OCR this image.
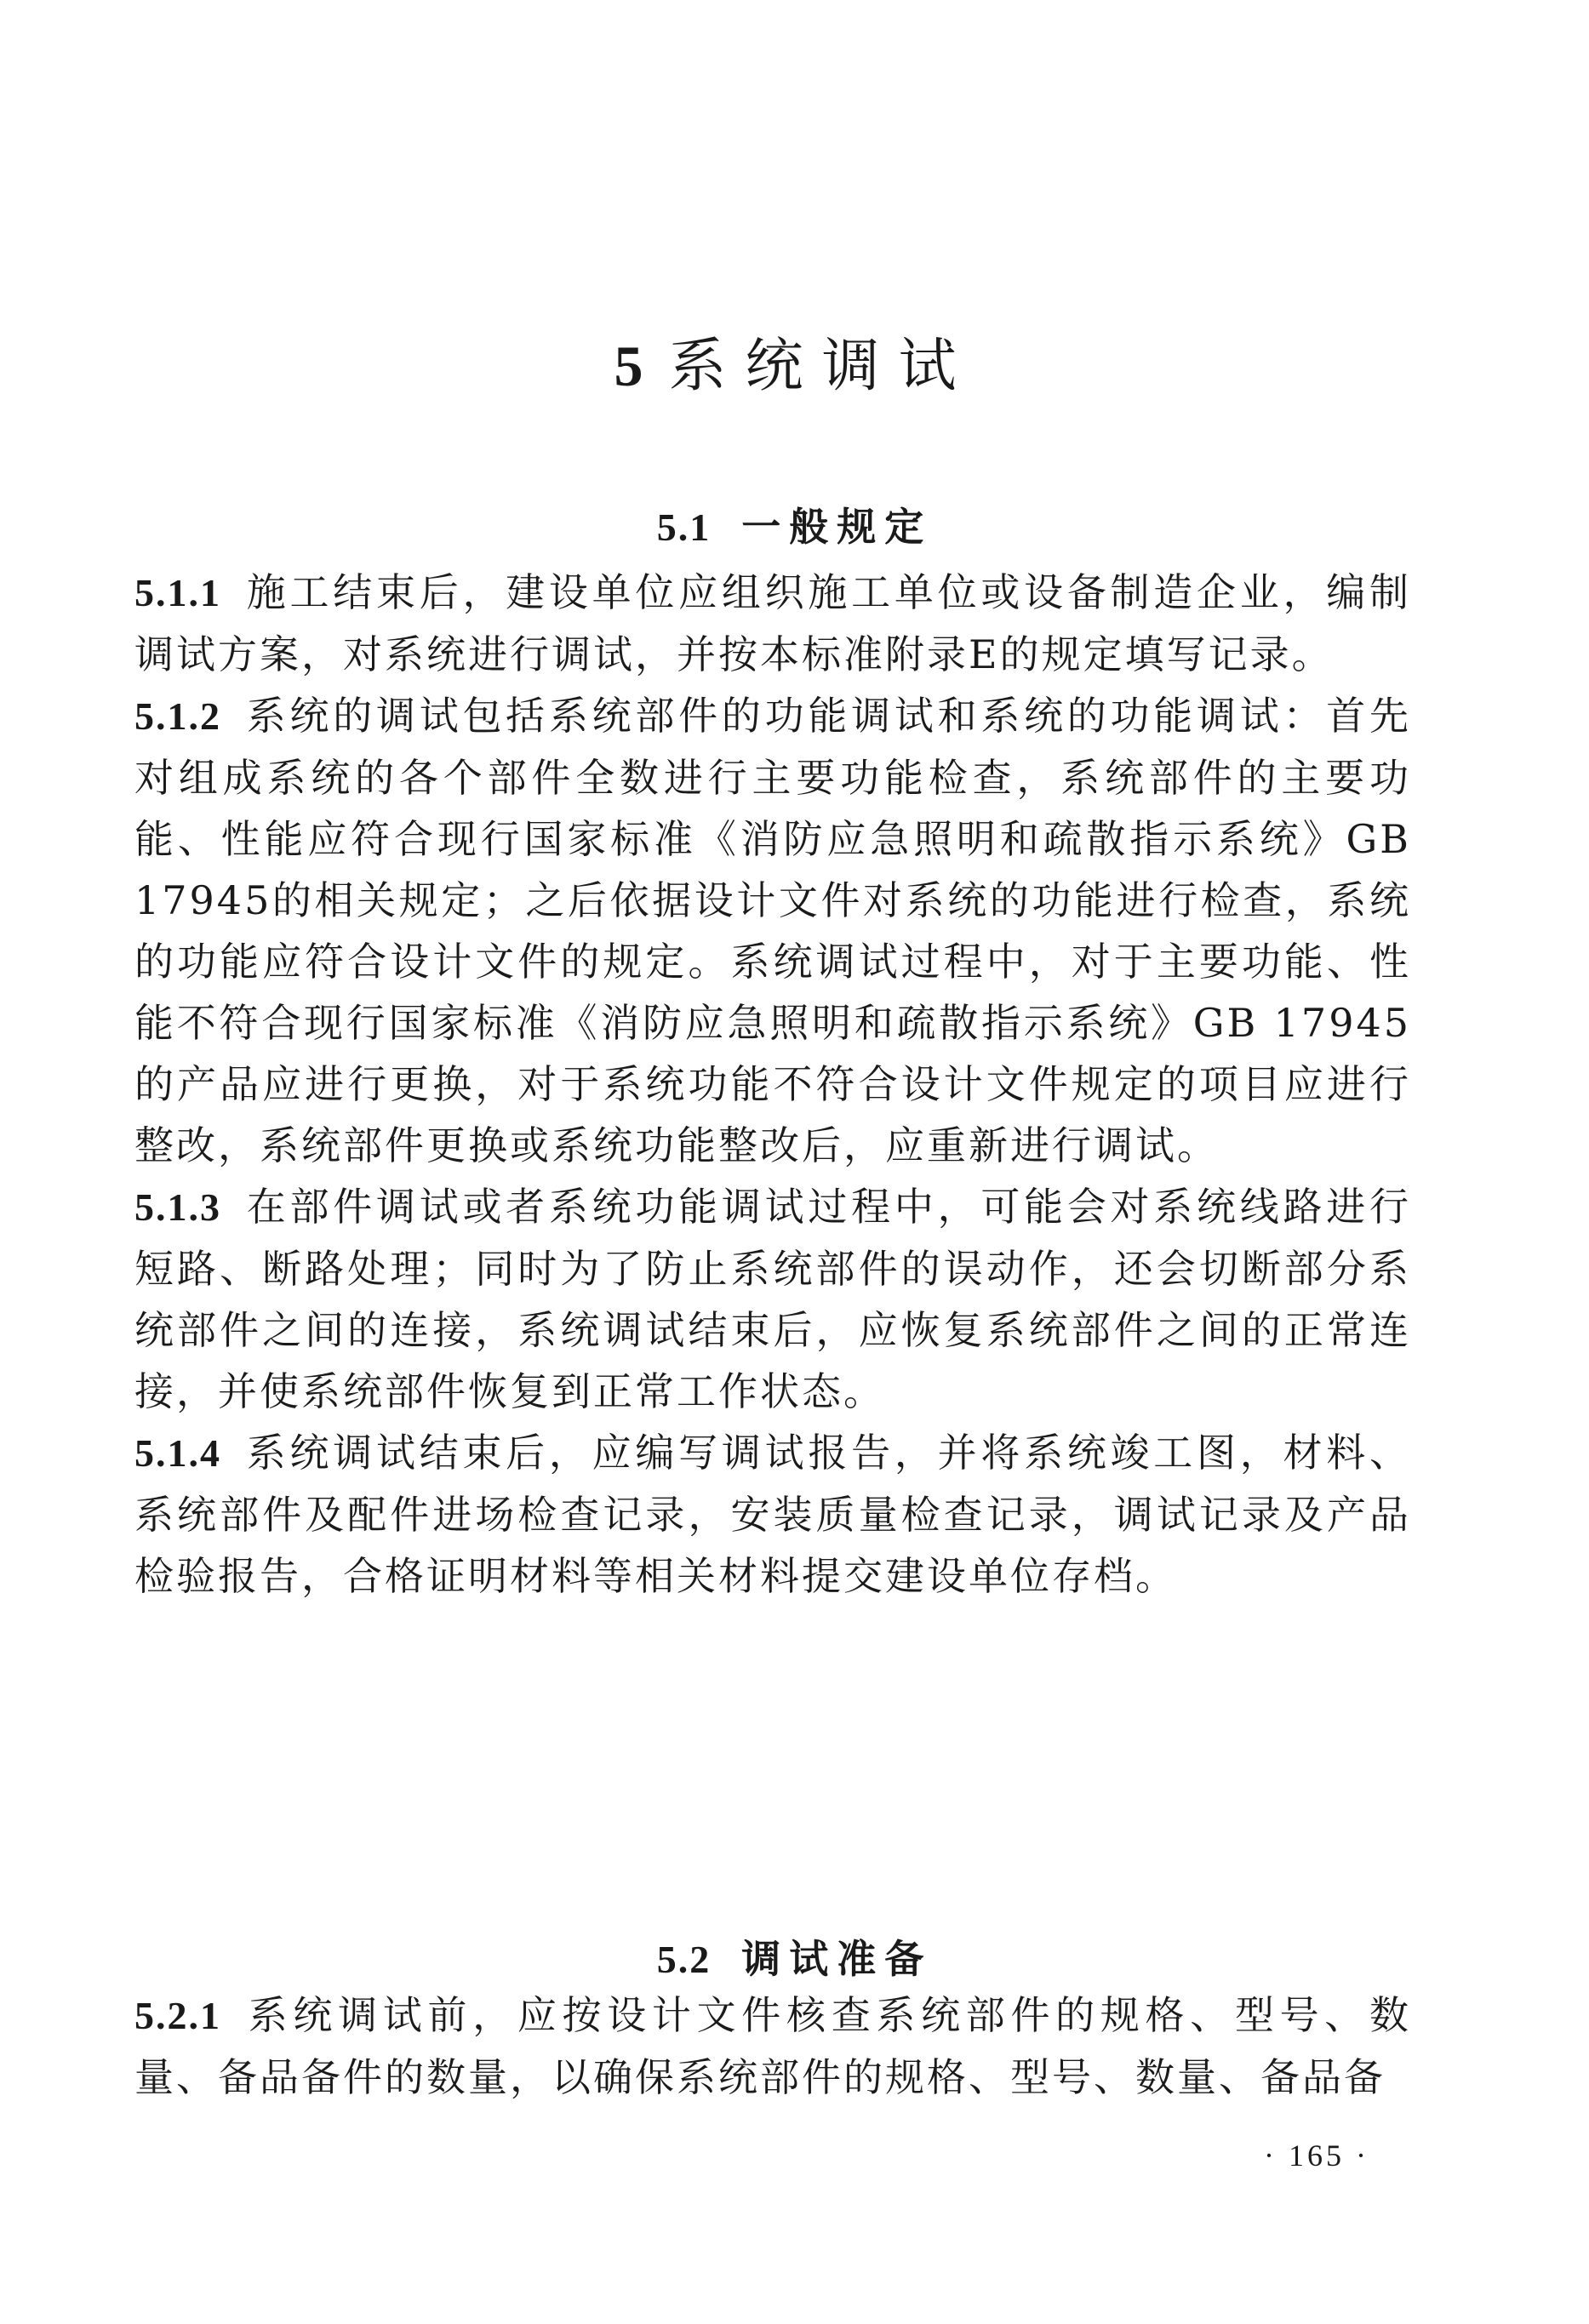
5 系统调试
5.1 一般规定

5.1.1 施工结束后，建设单位应组织施工单位或设备制造企业，编制调试方案，对系统进行调试，并按本标准附录E的规定填写记录。

5.1.2 系统的调试包括系统部件的功能调试和系统的功能调试：首先对组成系统的各个部件全数进行主要功能检查，系统部件的主要功能、性能应符合现行国家标准《消防应急照明和疏散指示系统》GB 17945的相关规定；之后依据设计文件对系统的功能进行检查，系统的功能应符合设计文件的规定。系统调试过程中，对于主要功能、性能不符合现行国家标准《消防应急照明和疏散指示系统》GB 17945的产品应进行更换，对于系统功能不符合设计文件规定的项目应进行整改，系统部件更换或系统功能整改后，应重新进行调试。

5.1.3 在部件调试或者系统功能调试过程中，可能会对系统线路进行短路、断路处理；同时为了防止系统部件的误动作，还会切断部分系统部件之间的连接，系统调试结束后，应恢复系统部件之间的正常连接，并使系统部件恢复到正常工作状态。

5.1.4 系统调试结束后，应编写调试报告，并将系统竣工图，材料、系统部件及配件进场检查记录，安装质量检查记录，调试记录及产品检验报告，合格证明材料等相关材料提交建设单位存档。

5.2 调试准备

5.2.1 系统调试前，应按设计文件核查系统部件的规格、型号、数量、备品备件的数量，以确保系统部件的规格、型号、数量、备品备

· 165 ·
